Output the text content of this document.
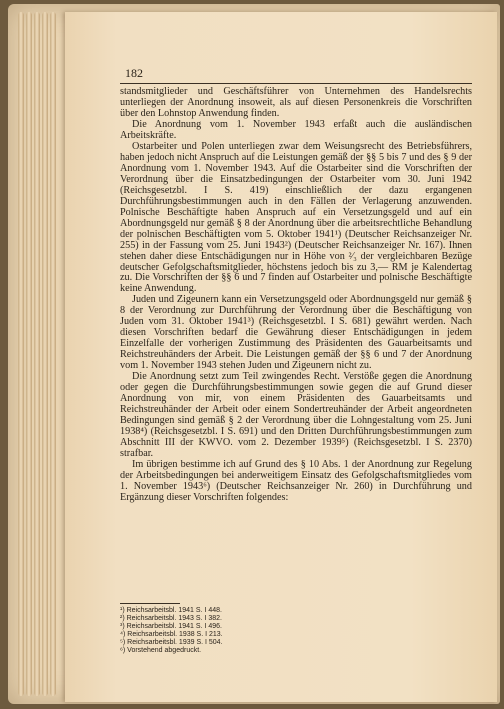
182

standsmitglieder und Geschäftsführer von Unternehmen des Handelsrechts unterliegen der Anordnung insoweit, als auf diesen Personenkreis die Vorschriften über den Lohnstop Anwendung finden.

Die Anordnung vom 1. November 1943 erfaßt auch die ausländischen Arbeitskräfte.

Ostarbeiter und Polen unterliegen zwar dem Weisungsrecht des Betriebsführers, haben jedoch nicht Anspruch auf die Leistungen gemäß der §§ 5 bis 7 und des § 9 der Anordnung vom 1. November 1943. Auf die Ostarbeiter sind die Vorschriften der Verordnung über die Einsatzbedingungen der Ostarbeiter vom 30. Juni 1942 (Reichsgesetzbl. I S. 419) einschließlich der dazu ergangenen Durchführungsbestimmungen auch in den Fällen der Verlagerung anzuwenden. Polnische Beschäftigte haben Anspruch auf ein Versetzungsgeld und auf ein Abordnungsgeld nur gemäß § 8 der Anordnung über die arbeitsrechtliche Behandlung der polnischen Beschäftigten vom 5. Oktober 1941¹) (Deutscher Reichsanzeiger Nr. 255) in der Fassung vom 25. Juni 1943²) (Deutscher Reichsanzeiger Nr. 167). Ihnen stehen daher diese Entschädigungen nur in Höhe von ²⁄₃ der vergleichbaren Bezüge deutscher Gefolgschaftsmitglieder, höchstens jedoch bis zu 3,— RM je Kalendertag zu. Die Vorschriften der §§ 6 und 7 finden auf Ostarbeiter und polnische Beschäftigte keine Anwendung.

Juden und Zigeunern kann ein Versetzungsgeld oder Abordnungsgeld nur gemäß § 8 der Verordnung zur Durchführung der Verordnung über die Beschäftigung von Juden vom 31. Oktober 1941³) (Reichsgesetzbl. I S. 681) gewährt werden. Nach diesen Vorschriften bedarf die Gewährung dieser Entschädigungen in jedem Einzelfalle der vorherigen Zustimmung des Präsidenten des Gauarbeitsamts und Reichstreuhänders der Arbeit. Die Leistungen gemäß der §§ 6 und 7 der Anordnung vom 1. November 1943 stehen Juden und Zigeunern nicht zu.

Die Anordnung setzt zum Teil zwingendes Recht. Verstöße gegen die Anordnung oder gegen die Durchführungsbestimmungen sowie gegen die auf Grund dieser Anordnung von mir, von einem Präsidenten des Gauarbeitsamts und Reichstreuhänder der Arbeit oder einem Sondertreuhänder der Arbeit angeordneten Bedingungen sind gemäß § 2 der Verordnung über die Lohngestaltung vom 25. Juni 1938⁴) (Reichsgesetzbl. I S. 691) und den Dritten Durchführungsbestimmungen zum Abschnitt III der KWVO. vom 2. Dezember 1939⁵) (Reichsgesetzbl. I S. 2370) strafbar.

Im übrigen bestimme ich auf Grund des § 10 Abs. 1 der Anordnung zur Regelung der Arbeitsbedingungen bei anderweitigem Einsatz des Gefolgschaftsmitgliedes vom 1. November 1943⁶) (Deutscher Reichsanzeiger Nr. 260) in Durchführung und Ergänzung dieser Vorschriften folgendes:

¹) Reichsarbeitsbl. 1941 S. I 448.
²) Reichsarbeitsbl. 1943 S. I 382.
³) Reichsarbeitsbl. 1941 S. I 496.
⁴) Reichsarbeitsbl. 1938 S. I 213.
⁵) Reichsarbeitsbl. 1939 S. I 504.
⁶) Vorstehend abgedruckt.
